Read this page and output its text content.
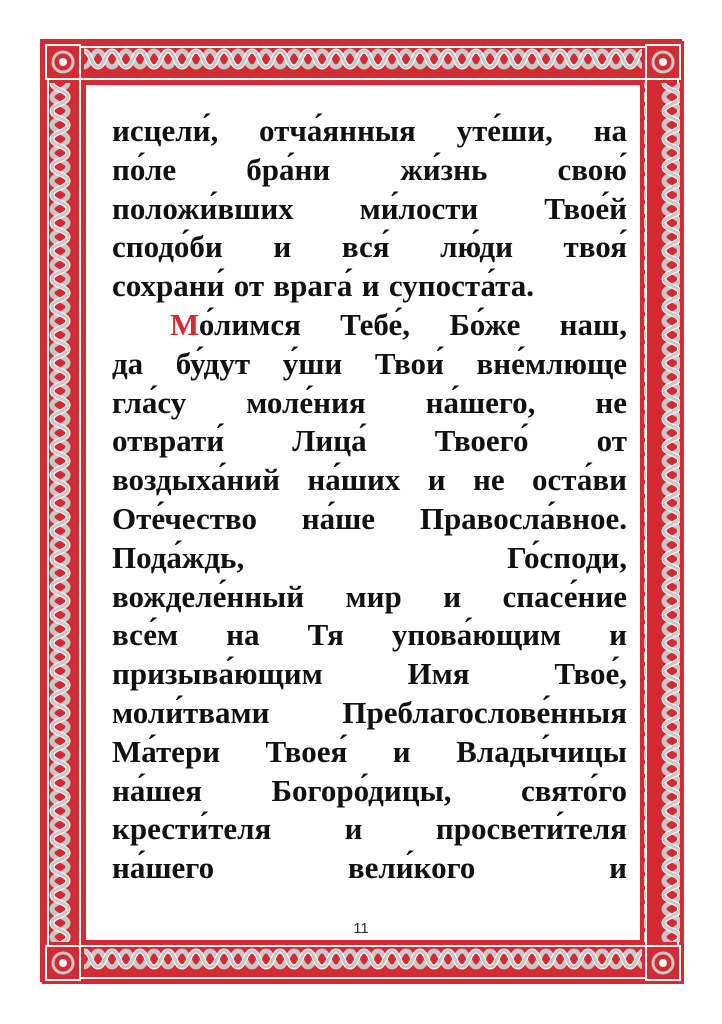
исцели́, отча́янныя уте́ши, на
по́ле бра́ни жи́знь свою́
положи́вших ми́лости Твое́й
сподо́би и вся́ лю́ди твоя́
сохрани́ от врага́ и супоста́та.
Мо́лимся Тебе́, Бо́же наш,
да бу́дут у́ши Твои́ вне́млюще
гла́су моле́ния на́шего, не
отврати́ Лица́ Твоего́ от
воздыха́ний на́ших и не оста́ви
Оте́чество на́ше Правосла́вное.
Пода́ждь,	Го́споди,
вожделе́нный мир и спасе́ние
все́м на Тя упова́ющим и
призыва́ющим	Имя	Твое́,
моли́твами Преблагослове́нныя
Ма́тери Твоея́ и Влады́чицы
на́шея Богоро́дицы, свято́го
крести́теля и просвети́теля
на́шего	вели́кого	и
11
